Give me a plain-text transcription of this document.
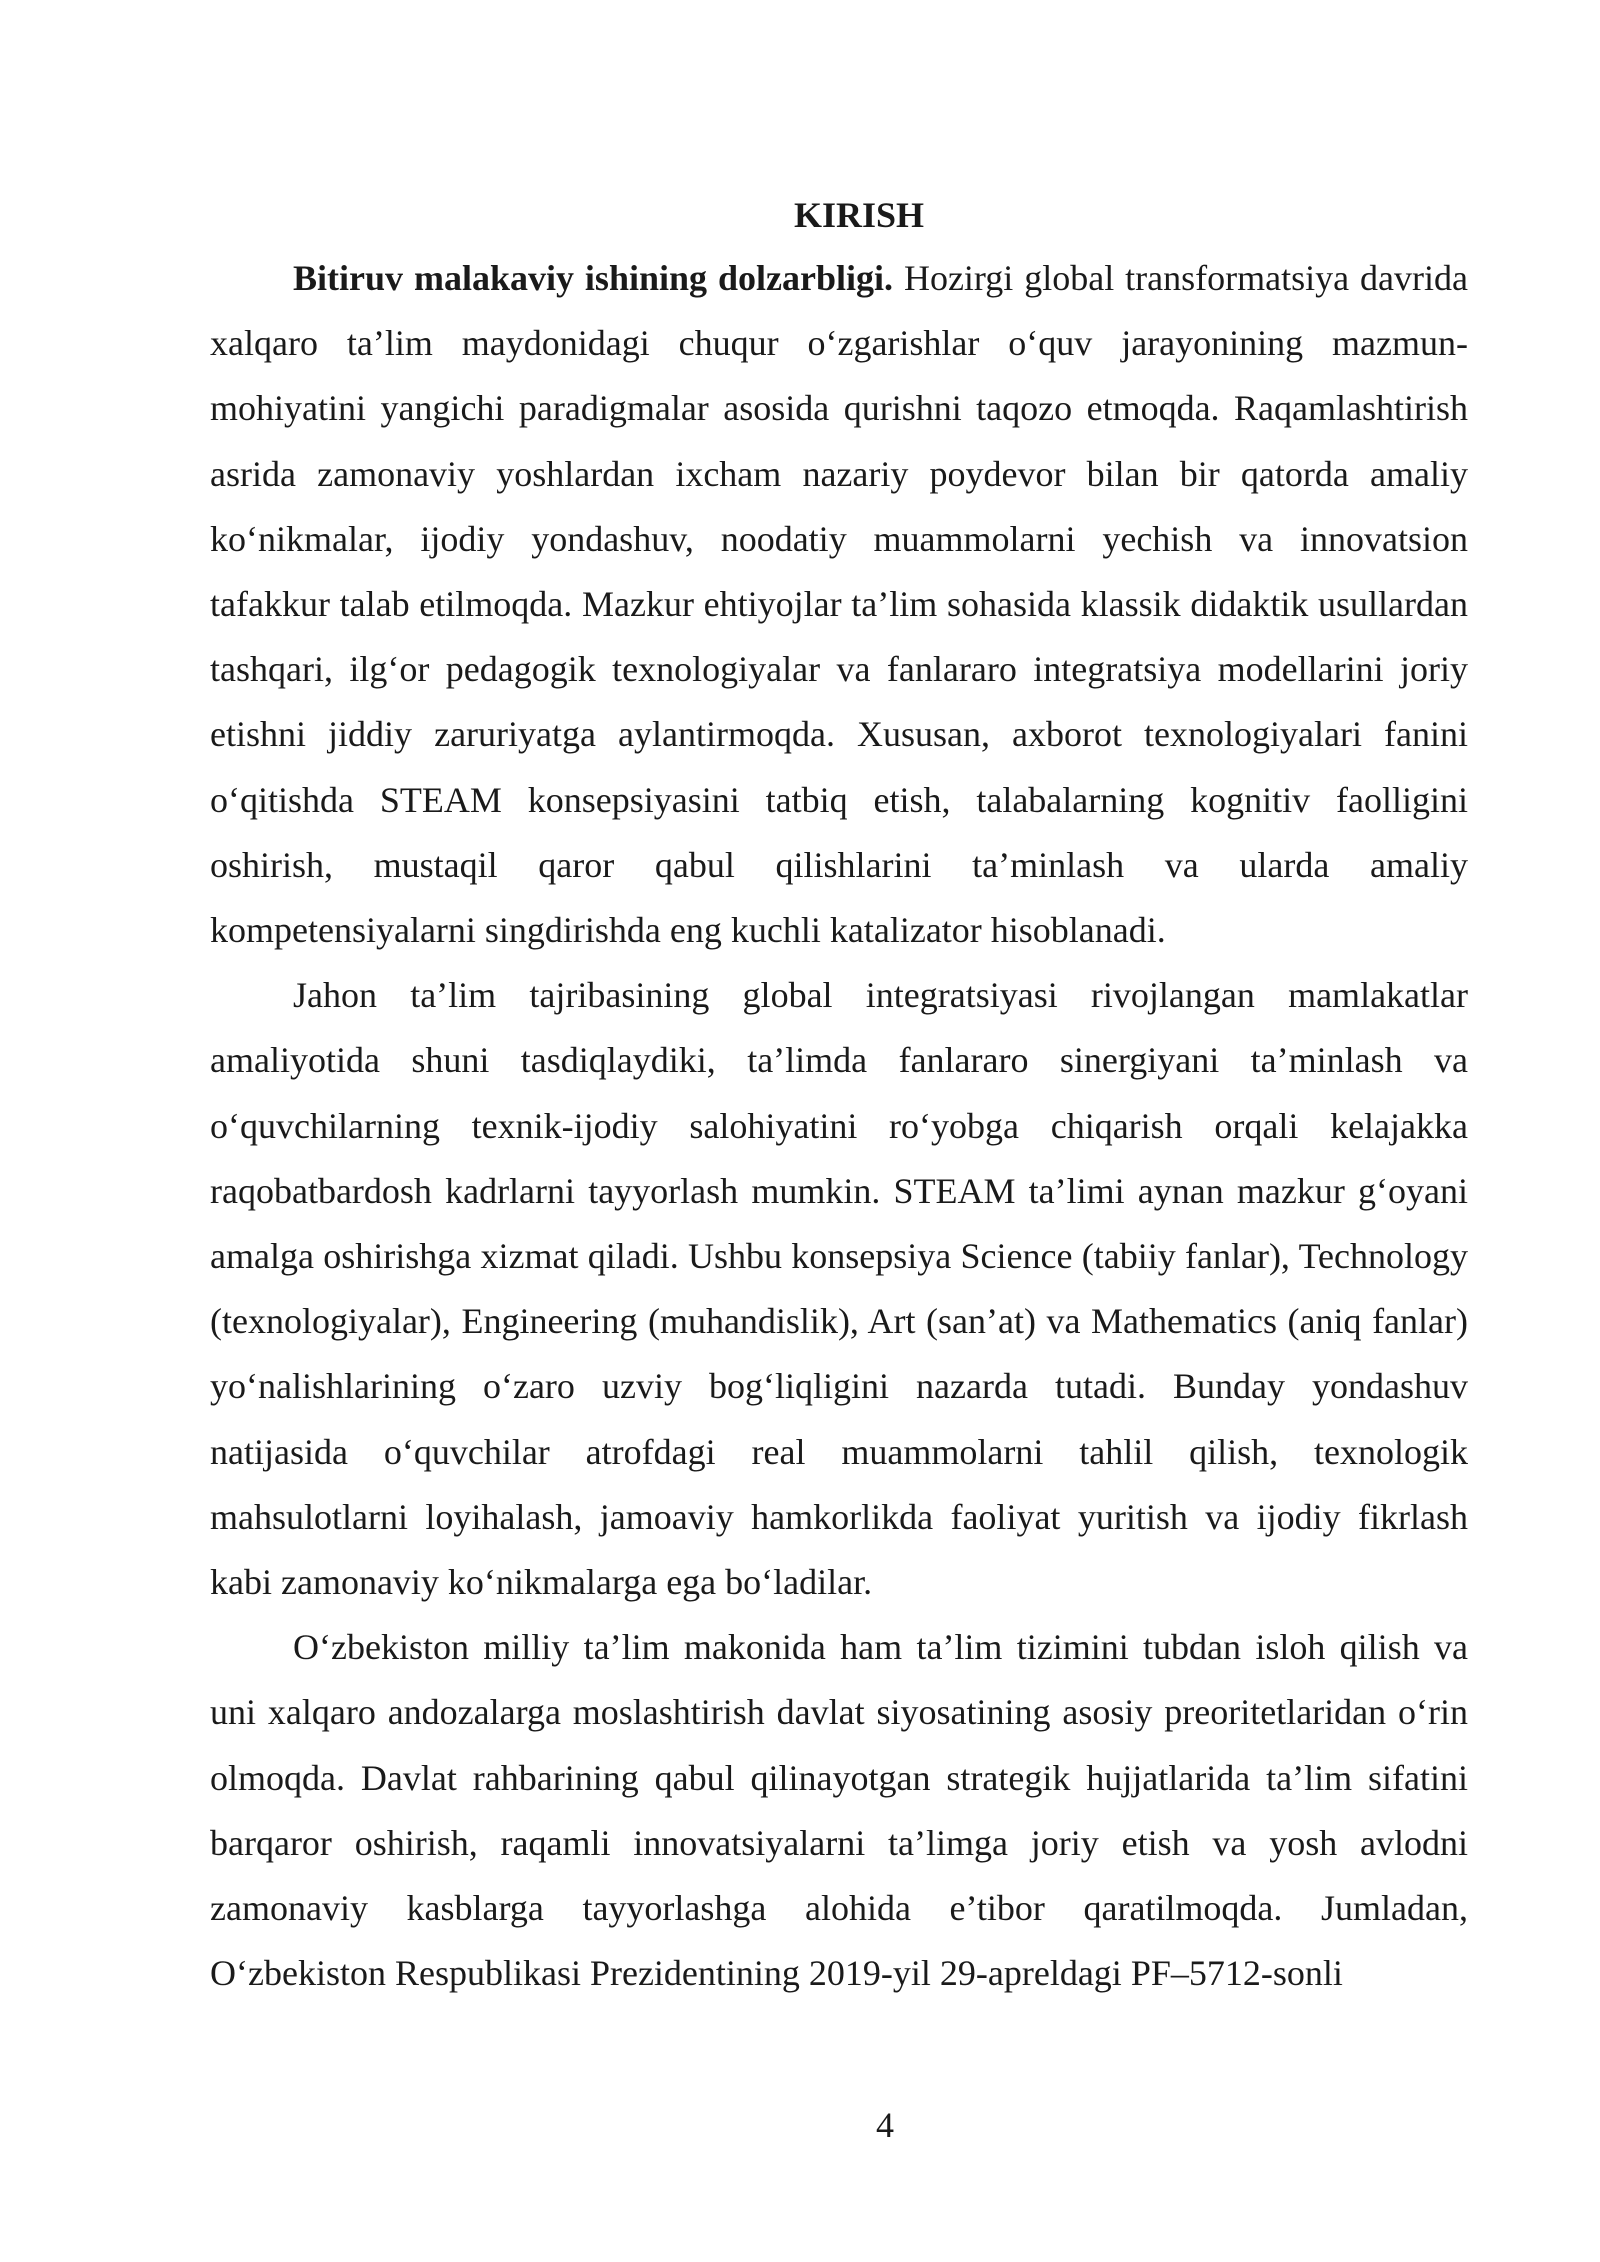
KIRISH

Bitiruv malakaviy ishining dolzarbligi. Hozirgi global transformatsiya davrida xalqaro ta’lim maydonidagi chuqur o‘zgarishlar o‘quv jarayonining mazmun-mohiyatini yangichi paradigmalar asosida qurishni taqozo etmoqda. Raqamlashtirish asrida zamonaviy yoshlardan ixcham nazariy poydevor bilan bir qatorda amaliy ko‘nikmalar, ijodiy yondashuv, noodatiy muammolarni yechish va innovatsion tafakkur talab etilmoqda. Mazkur ehtiyojlar ta’lim sohasida klassik didaktik usullardan tashqari, ilg‘or pedagogik texnologiyalar va fanlararo integratsiya modellarini joriy etishni jiddiy zaruriyatga aylantirmoqda. Xususan, axborot texnologiyalari fanini o‘qitishda STEAM konsepsiyasini tatbiq etish, talabalarning kognitiv faolligini oshirish, mustaqil qaror qabul qilishlarini ta’minlash va ularda amaliy kompetensiyalarni singdirishda eng kuchli katalizator hisoblanadi.

Jahon ta’lim tajribasining global integratsiyasi rivojlangan mamlakatlar amaliyotida shuni tasdiqlaydiki, ta’limda fanlararo sinergiyani ta’minlash va o‘quvchilarning texnik-ijodiy salohiyatini ro‘yobga chiqarish orqali kelajakka raqobatbardosh kadrlarni tayyorlash mumkin. STEAM ta’limi aynan mazkur g‘oyani amalga oshirishga xizmat qiladi. Ushbu konsepsiya Science (tabiiy fanlar), Technology (texnologiyalar), Engineering (muhandislik), Art (san’at) va Mathematics (aniq fanlar) yo‘nalishlarining o‘zaro uzviy bog‘liqligini nazarda tutadi. Bunday yondashuv natijasida o‘quvchilar atrofdagi real muammolarni tahlil qilish, texnologik mahsulotlarni loyihalash, jamoaviy hamkorlikda faoliyat yuritish va ijodiy fikrlash kabi zamonaviy ko‘nikmalarga ega bo‘ladilar.

O‘zbekiston milliy ta’lim makonida ham ta’lim tizimini tubdan isloh qilish va uni xalqaro andozalarga moslashtirish davlat siyosatining asosiy preoritetlaridan o‘rin olmoqda. Davlat rahbarining qabul qilinayotgan strategik hujjatlarida ta’lim sifatini barqaror oshirish, raqamli innovatsiyalarni ta’limga joriy etish va yosh avlodni zamonaviy kasblarga tayyorlashga alohida e’tibor qaratilmoqda. Jumladan, O‘zbekiston Respublikasi Prezidentining 2019-yil 29-apreldagi PF–5712-sonli

4
